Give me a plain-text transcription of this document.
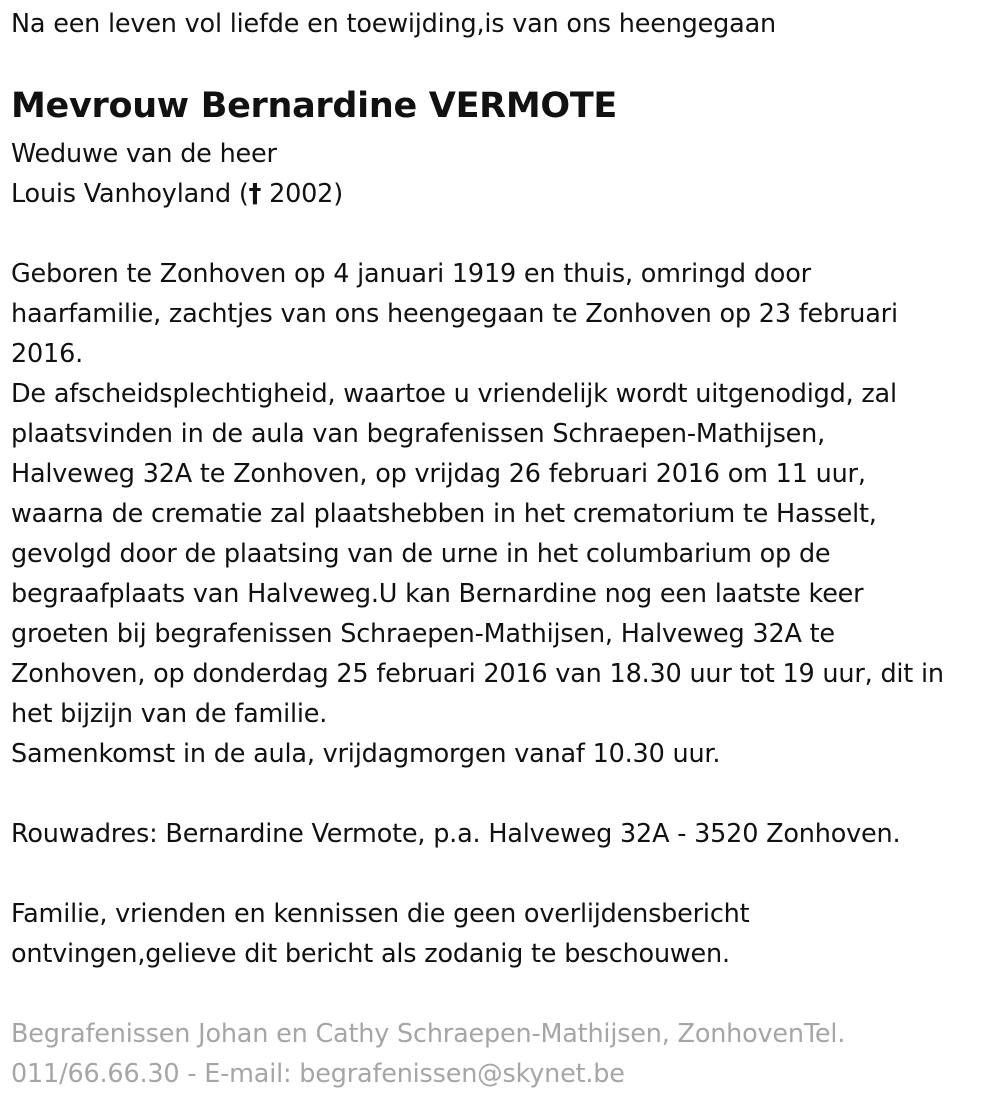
Na een leven vol liefde en toewijding,is van ons heengegaan
Mevrouw Bernardine VERMOTE
Weduwe van de heer
Louis Vanhoyland († 2002)
Geboren te Zonhoven op 4 januari 1919 en thuis, omringd door
haarfamilie, zachtjes van ons heengegaan te Zonhoven op 23 februari
2016.
De afscheidsplechtigheid, waartoe u vriendelijk wordt uitgenodigd, zal
plaatsvinden in de aula van begrafenissen Schraepen-Mathijsen,
Halveweg 32A te Zonhoven, op vrijdag 26 februari 2016 om 11 uur,
waarna de crematie zal plaatshebben in het crematorium te Hasselt,
gevolgd door de plaatsing van de urne in het columbarium op de
begraafplaats van Halveweg.U kan Bernardine nog een laatste keer
groeten bij begrafenissen Schraepen-Mathijsen, Halveweg 32A te
Zonhoven, op donderdag 25 februari 2016 van 18.30 uur tot 19 uur, dit in
het bijzijn van de familie.
Samenkomst in de aula, vrijdagmorgen vanaf 10.30 uur.
Rouwadres: Bernardine Vermote, p.a. Halveweg 32A - 3520 Zonhoven.
Familie, vrienden en kennissen die geen overlijdensbericht
ontvingen,gelieve dit bericht als zodanig te beschouwen.
Begrafenissen Johan en Cathy Schraepen-Mathijsen, ZonhovenTel.
011/66.66.30 - E-mail: begrafenissen@skynet.be
